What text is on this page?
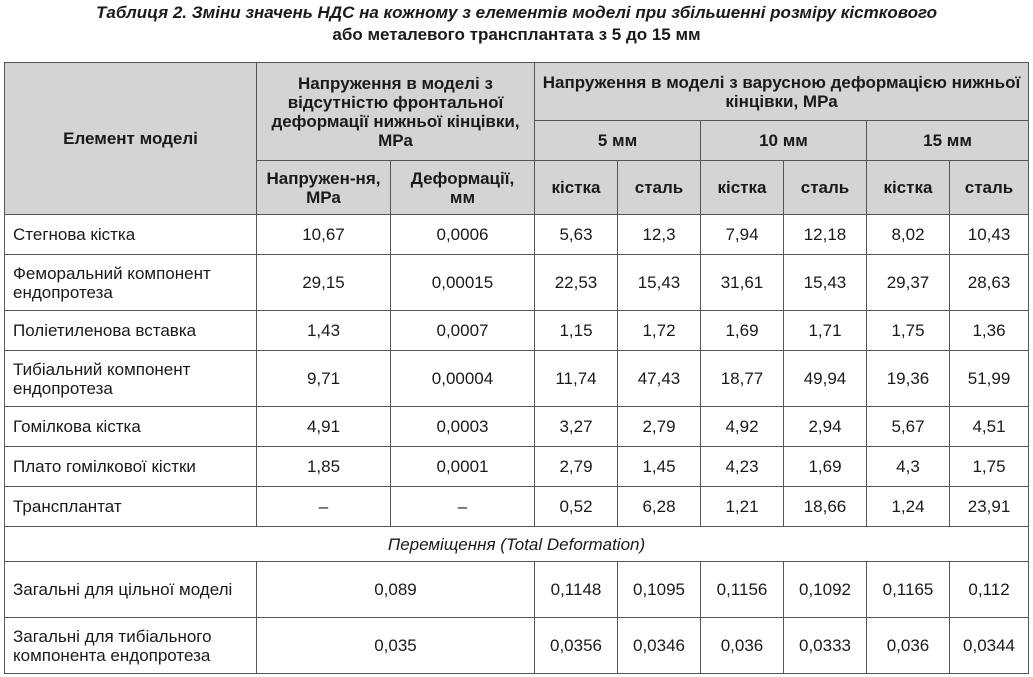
Таблиця 2. Зміни значень НДС на кожному з елементів моделі при збільшенні розміру кісткового
або металевого трансплантата з 5 до 15 мм
Елемент моделі	Напруження в моделі з відсутністю фронтальної деформації нижньої кінцівки, МРа		Напруження в моделі з варусною деформацією нижньої кінцівки, МРа					
			5 мм		10 мм		15 мм	
	Напружен-ня, МРа	Деформації, мм	кістка	сталь	кістка	сталь	кістка	сталь
Стегнова кістка	10,67	0,0006	5,63	12,3	7,94	12,18	8,02	10,43
Феморальний компонент ендопротеза	29,15	0,00015	22,53	15,43	31,61	15,43	29,37	28,63
Поліетиленова вставка	1,43	0,0007	1,15	1,72	1,69	1,71	1,75	1,36
Тибіальний компонент ендопротеза	9,71	0,00004	11,74	47,43	18,77	49,94	19,36	51,99
Гомілкова кістка	4,91	0,0003	3,27	2,79	4,92	2,94	5,67	4,51
Плато гомілкової кістки	1,85	0,0001	2,79	1,45	4,23	1,69	4,3	1,75
Трансплантат	–	–	0,52	6,28	1,21	18,66	1,24	23,91
Переміщення (Total Deformation)								
Загальні для цільної моделі	0,089		0,1148	0,1095	0,1156	0,1092	0,1165	0,112
Загальні для тибіального компонента ендопротеза	0,035		0,0356	0,0346	0,036	0,0333	0,036	0,0344
